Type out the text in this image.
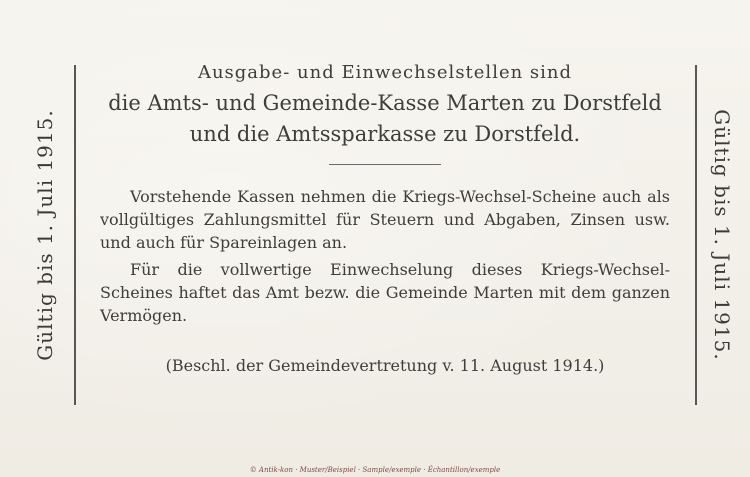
Gültig bis 1. Juli 1915.	Gültig bis 1. Juli 1915.

Ausgabe- und Einwechselstellen sind

die Amts- und Gemeinde-Kasse Marten zu Dorstfeld

und die Amtssparkasse zu Dorstfeld.

Vorstehende Kassen nehmen die Kriegs-Wechsel-Scheine auch als vollgültiges Zahlungsmittel für Steuern und Abgaben, Zinsen usw. und auch für Spareinlagen an.

Für die vollwertige Einwechselung dieses Kriegs-Wechsel-Scheines haftet das Amt bezw. die Gemeinde Marten mit dem ganzen Vermögen.

(Beschl. der Gemeindevertretung v. 11. August 1914.)
© Antik-kon · Muster/Beispiel · Sample/exemple · Échantillon/exemple
